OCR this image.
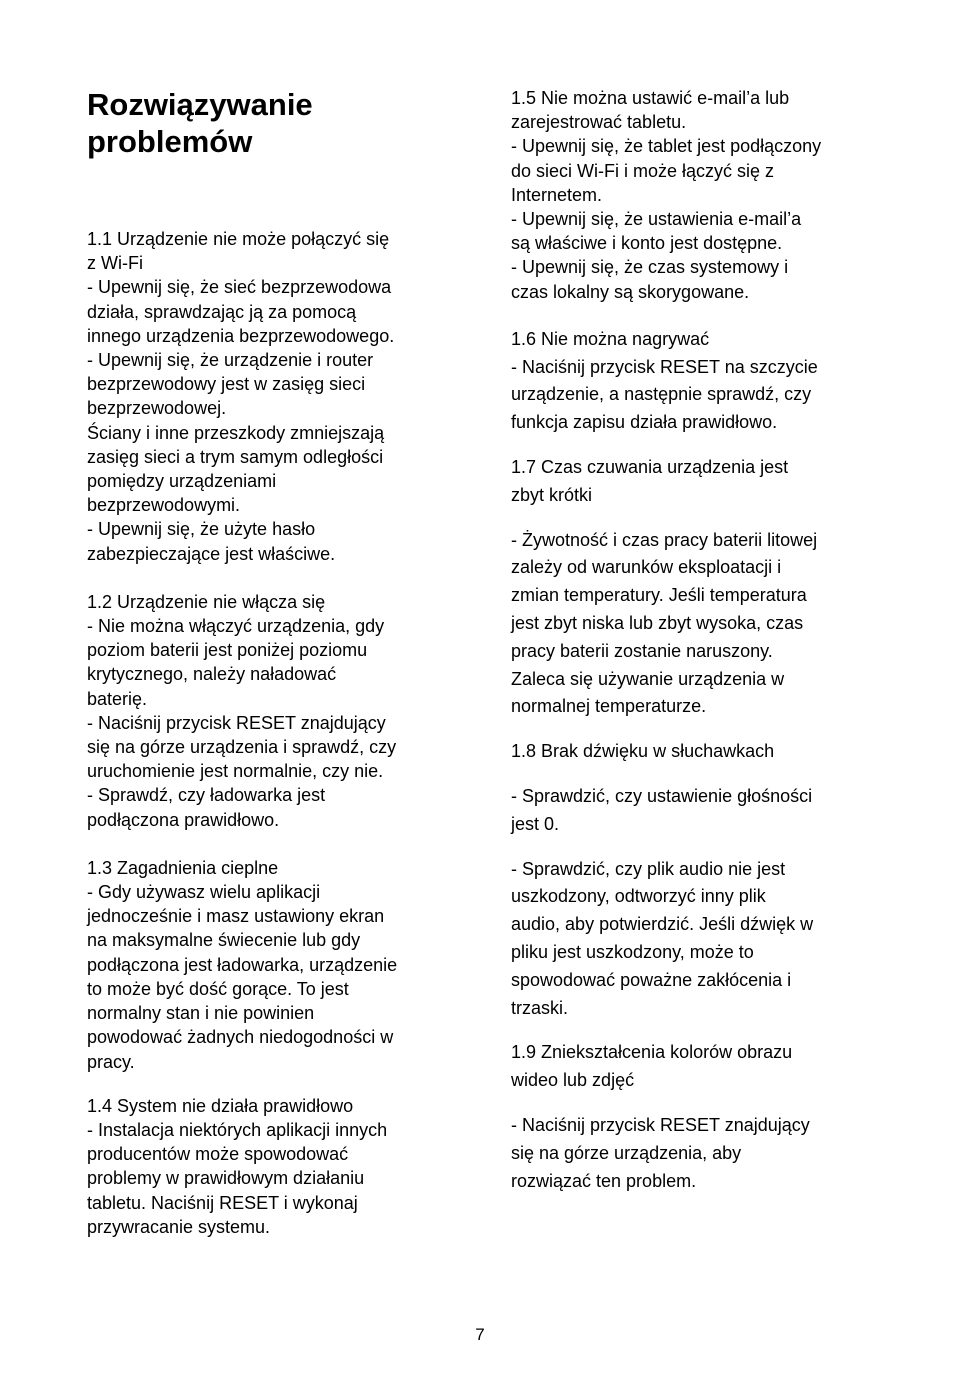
Rozwiązywanie
problemów
1.1 Urządzenie nie może połączyć się
z Wi-Fi
- Upewnij się, że sieć bezprzewodowa
działa, sprawdzając ją za pomocą
innego urządzenia bezprzewodowego.
- Upewnij się, że urządzenie i router
bezprzewodowy jest w zasięg sieci
bezprzewodowej.
Ściany i inne przeszkody zmniejszają
zasięg sieci a trym samym odległości
pomiędzy urządzeniami
bezprzewodowymi.
- Upewnij się, że użyte hasło
zabezpieczające jest właściwe.
1.2 Urządzenie nie włącza się
- Nie można włączyć urządzenia, gdy
poziom baterii jest poniżej poziomu
krytycznego, należy naładować
baterię.
- Naciśnij przycisk RESET znajdujący
się na górze urządzenia i sprawdź, czy
uruchomienie jest normalnie, czy nie.
- Sprawdź, czy ładowarka jest
podłączona prawidłowo.
1.3 Zagadnienia cieplne
- Gdy używasz wielu aplikacji
jednocześnie i masz ustawiony ekran
na maksymalne świecenie lub gdy
podłączona jest ładowarka, urządzenie
to może być dość gorące. To jest
normalny stan i nie powinien
powodować żadnych niedogodności w
pracy.
1.4 System nie działa prawidłowo
- Instalacja niektórych aplikacji innych
producentów może spowodować
problemy w prawidłowym działaniu
tabletu. Naciśnij RESET i wykonaj
przywracanie systemu.
1.5 Nie można ustawić e-mail’a lub
zarejestrować tabletu.
- Upewnij się, że tablet jest podłączony
do sieci Wi-Fi i może łączyć się z
Internetem.
- Upewnij się, że ustawienia e-mail’a
są właściwe i konto jest dostępne.
- Upewnij się, że czas systemowy i
czas lokalny są skorygowane.
1.6 Nie można nagrywać
- Naciśnij przycisk RESET na szczycie
urządzenie, a następnie sprawdź, czy
funkcja zapisu działa prawidłowo.
1.7 Czas czuwania urządzenia jest
zbyt krótki
- Żywotność i czas pracy baterii litowej
zależy od warunków eksploatacji i
zmian temperatury. Jeśli temperatura
jest zbyt niska lub zbyt wysoka, czas
pracy baterii zostanie naruszony.
Zaleca się używanie urządzenia w
normalnej temperaturze.
1.8 Brak dźwięku w słuchawkach
- Sprawdzić, czy ustawienie głośności
jest 0.
- Sprawdzić, czy plik audio nie jest
uszkodzony, odtworzyć inny plik
audio, aby potwierdzić. Jeśli dźwięk w
pliku jest uszkodzony, może to
spowodować poważne zakłócenia i
trzaski.
1.9 Zniekształcenia kolorów obrazu
wideo lub zdjęć
- Naciśnij przycisk RESET znajdujący
się na górze urządzenia, aby
rozwiązać ten problem.
7
